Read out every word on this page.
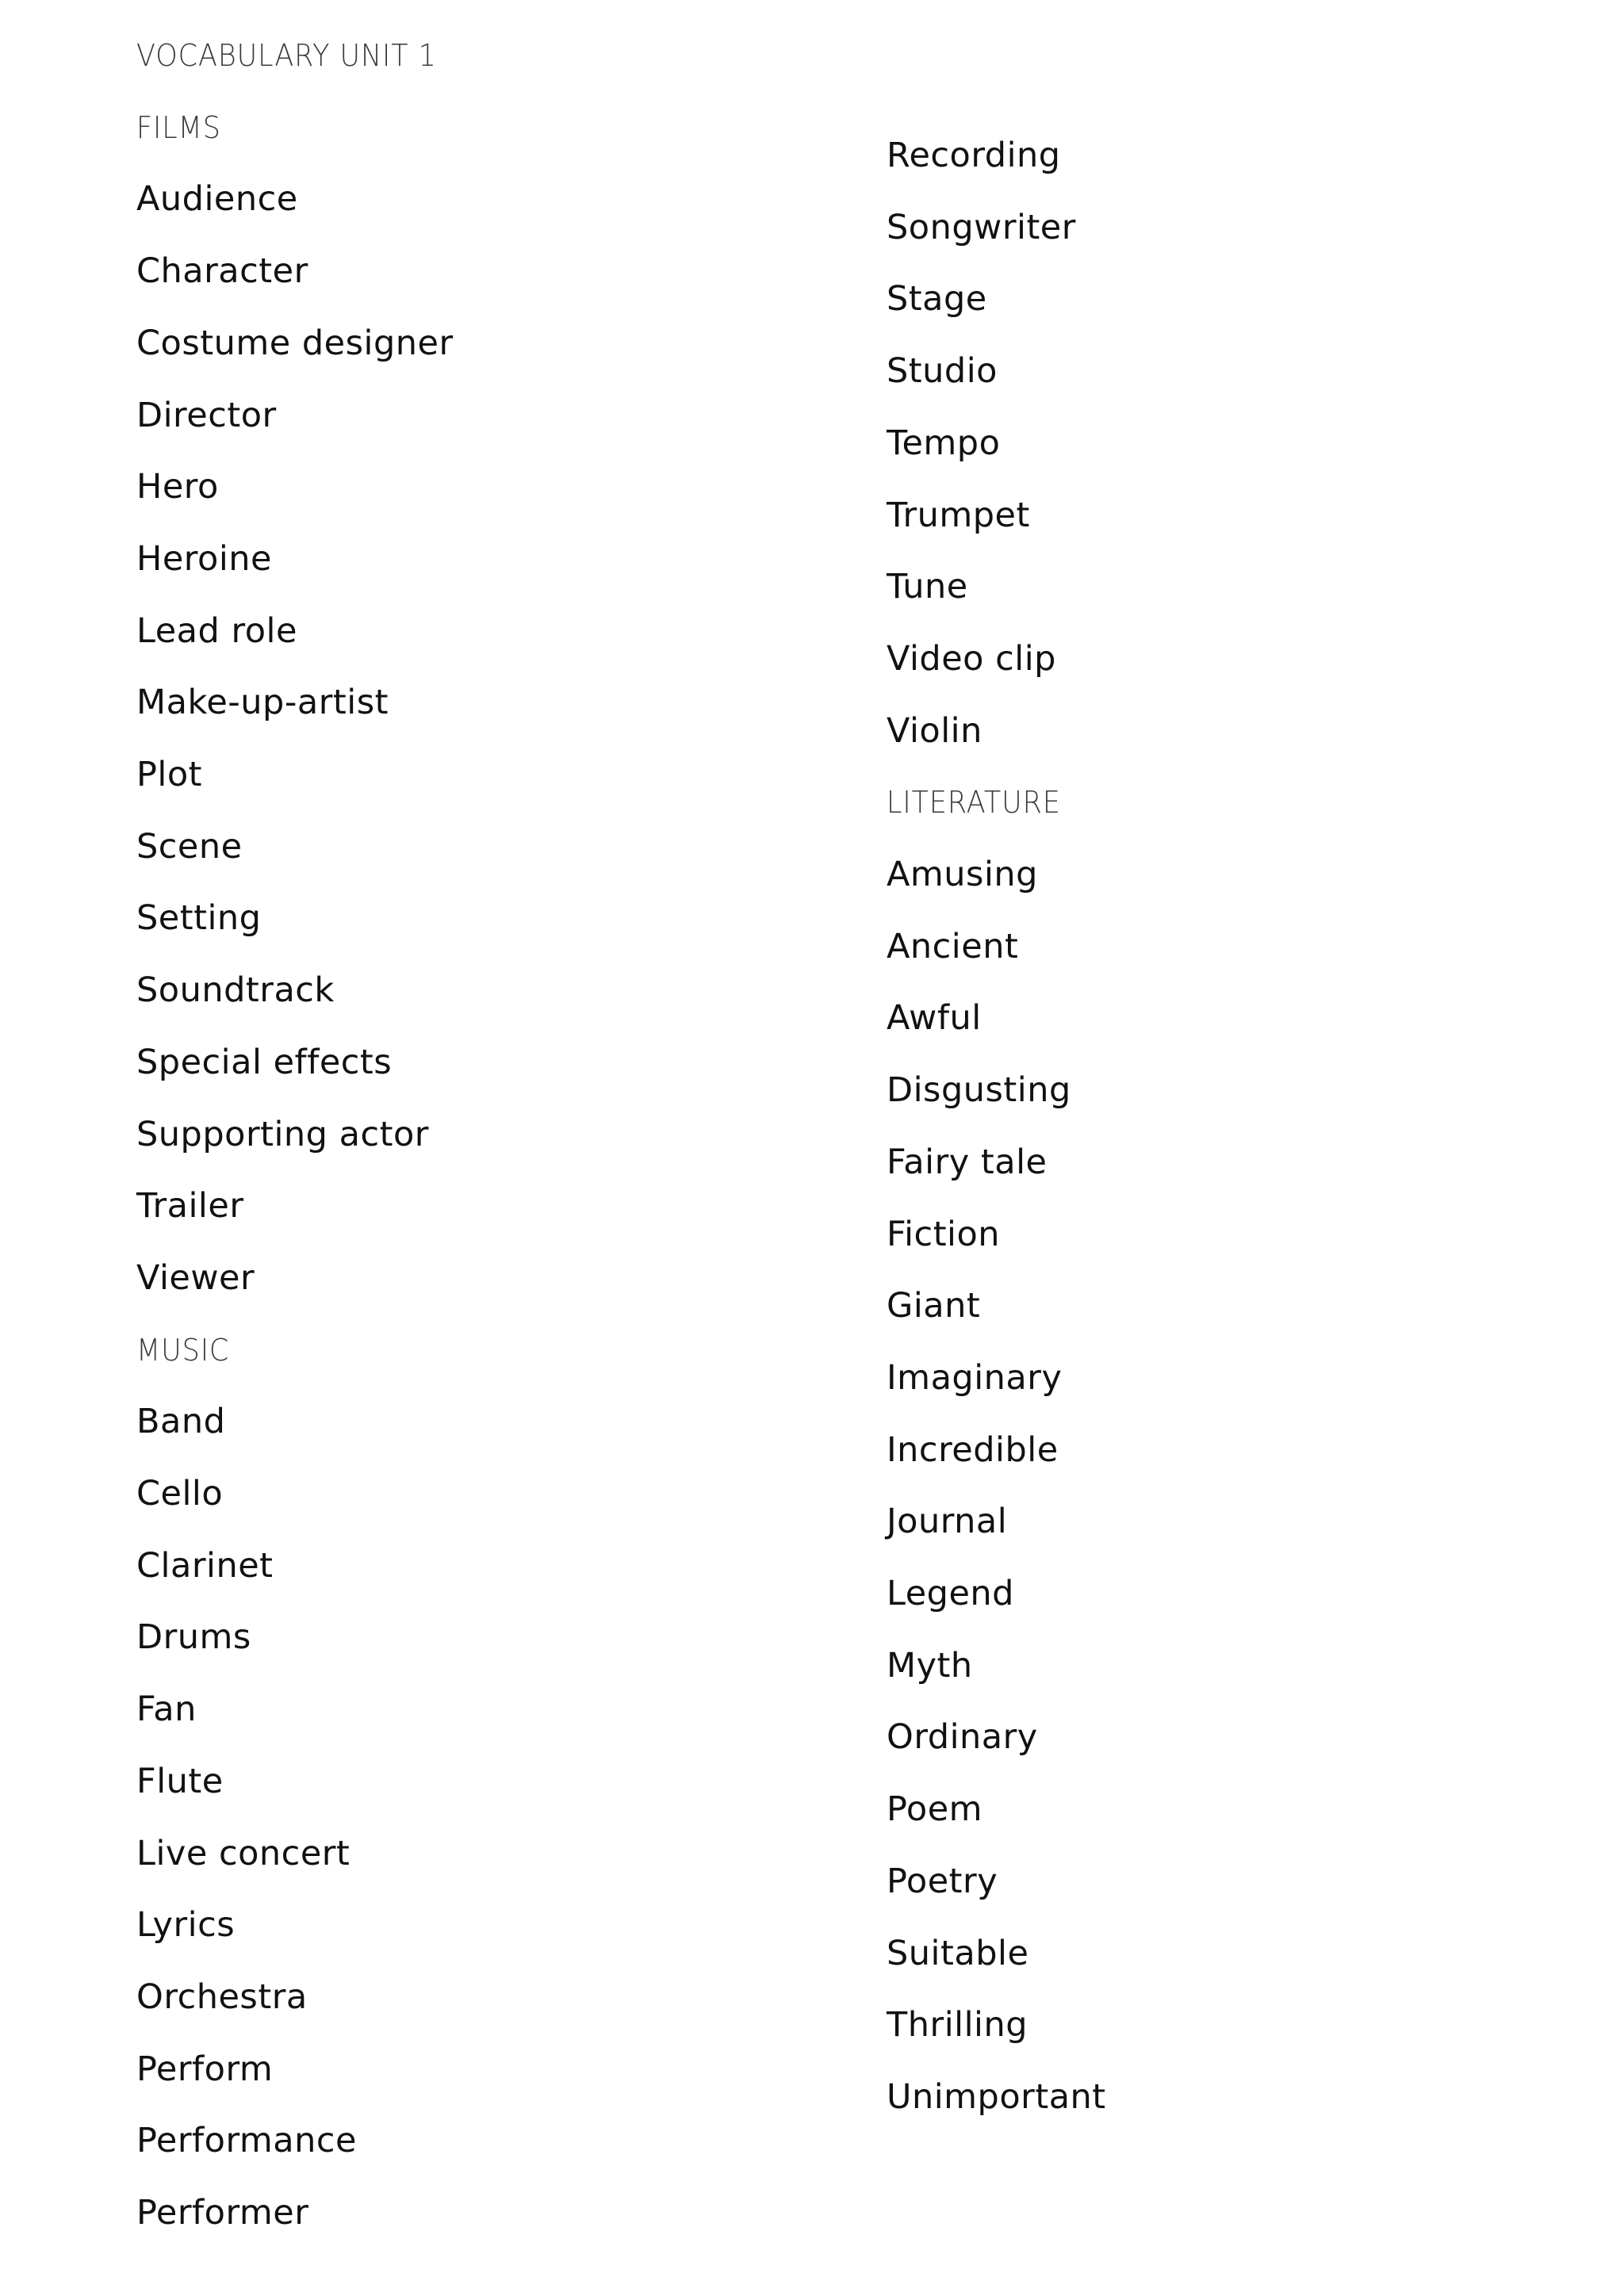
VOCABULARY UNIT 1
FILMS
Audience
Character
Costume designer
Director
Hero
Heroine
Lead role
Make-up-artist
Plot
Scene
Setting
Soundtrack
Special effects
Supporting actor
Trailer
Viewer
MUSIC
Band
Cello
Clarinet
Drums
Fan
Flute
Live concert
Lyrics
Orchestra
Perform
Performance
Performer
Recording
Songwriter
Stage
Studio
Tempo
Trumpet
Tune
Video clip
Violin
LITERATURE
Amusing
Ancient
Awful
Disgusting
Fairy tale
Fiction
Giant
Imaginary
Incredible
Journal
Legend
Myth
Ordinary
Poem
Poetry
Suitable
Thrilling
Unimportant
